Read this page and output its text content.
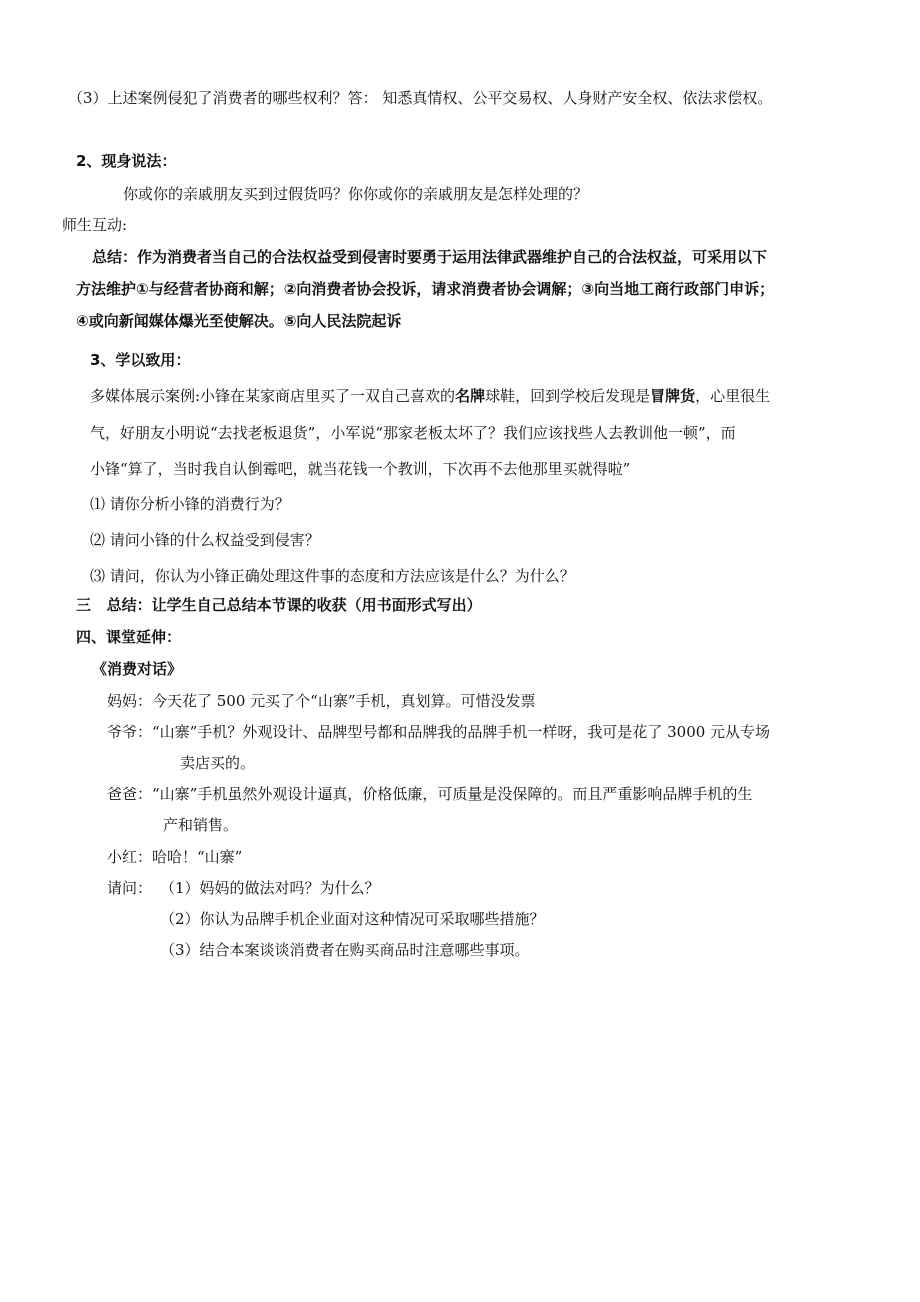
（3）上述案例侵犯了消费者的哪些权利？答： 知悉真情权、公平交易权、人身财产安全权、依法求偿权。
2、现身说法：
你或你的亲戚朋友买到过假货吗？你你或你的亲戚朋友是怎样处理的？
师生互动:
总结：作为消费者当自己的合法权益受到侵害时要勇于运用法律武器维护自己的合法权益，可采用以下
方法维护①与经营者协商和解；②向消费者协会投诉，请求消费者协会调解；③向当地工商行政部门申诉；
④或向新闻媒体爆光至使解决。⑤向人民法院起诉
3、学以致用：
多媒体展示案例:小锋在某家商店里买了一双自己喜欢的名牌球鞋，回到学校后发现是冒牌货，心里很生
气，好朋友小明说“去找老板退货”，小军说“那家老板太坏了？我们应该找些人去教训他一顿”，而
小锋“算了，当时我自认倒霉吧，就当花钱一个教训，下次再不去他那里买就得啦”
⑴ 请你分析小锋的消费行为？
⑵ 请问小锋的什么权益受到侵害？
⑶ 请问，你认为小锋正确处理这件事的态度和方法应该是什么？为什么？
三   总结：让学生自己总结本节课的收获（用书面形式写出）
四、课堂延伸：
《消费对话》
妈妈：今天花了 500 元买了个“山寨”手机，真划算。可惜没发票
爷爷：“山寨”手机？外观设计、品牌型号都和品牌我的品牌手机一样呀，我可是花了 3000 元从专场
卖店买的。
爸爸：“山寨”手机虽然外观设计逼真，价格低廉，可质量是没保障的。而且严重影响品牌手机的生
产和销售。
小红：哈哈！“山寨”
请问： （1）妈妈的做法对吗？为什么？
（2）你认为品牌手机企业面对这种情况可采取哪些措施？
（3）结合本案谈谈消费者在购买商品时注意哪些事项。
